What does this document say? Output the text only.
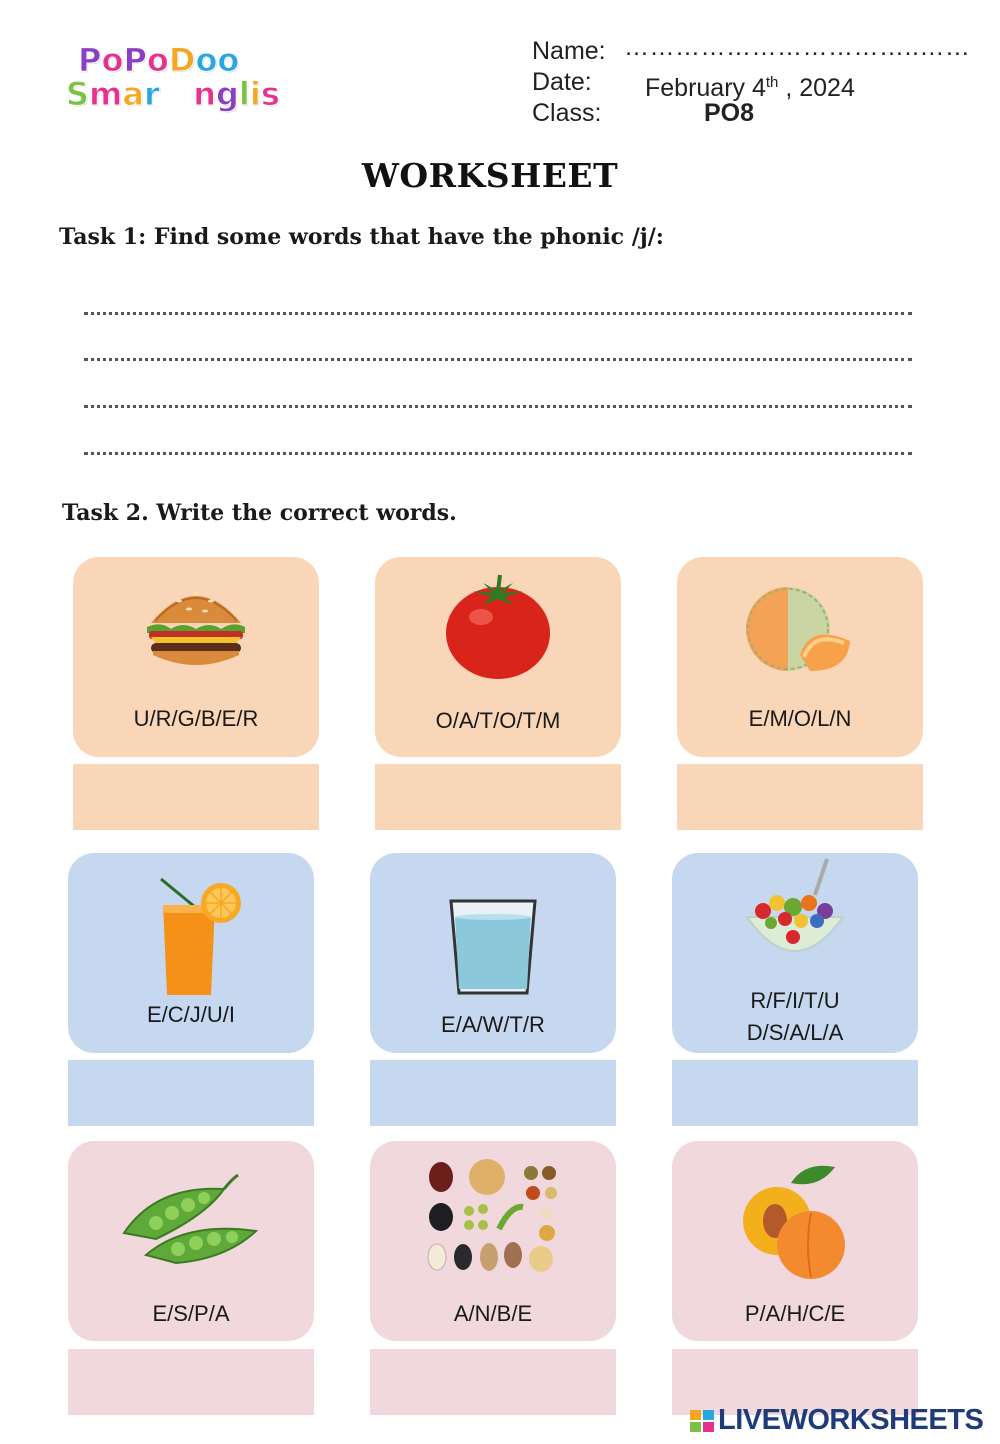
PoPoDoo
Smar nglis
Name: ……………………………..……
Date: February 4th , 2024
Class:	PO8
WORKSHEET
Task 1: Find some words that have the phonic /j/:
Task 2. Write the correct words.
U/R/G/B/E/R	O/A/T/O/T/M	E/M/O/L/N
E/C/J/U/I	E/A/W/T/R
R/F/I/T/U
D/S/A/L/A
E/S/P/A	A/N/B/E	P/A/H/C/E
LIVEWORKSHEETS
